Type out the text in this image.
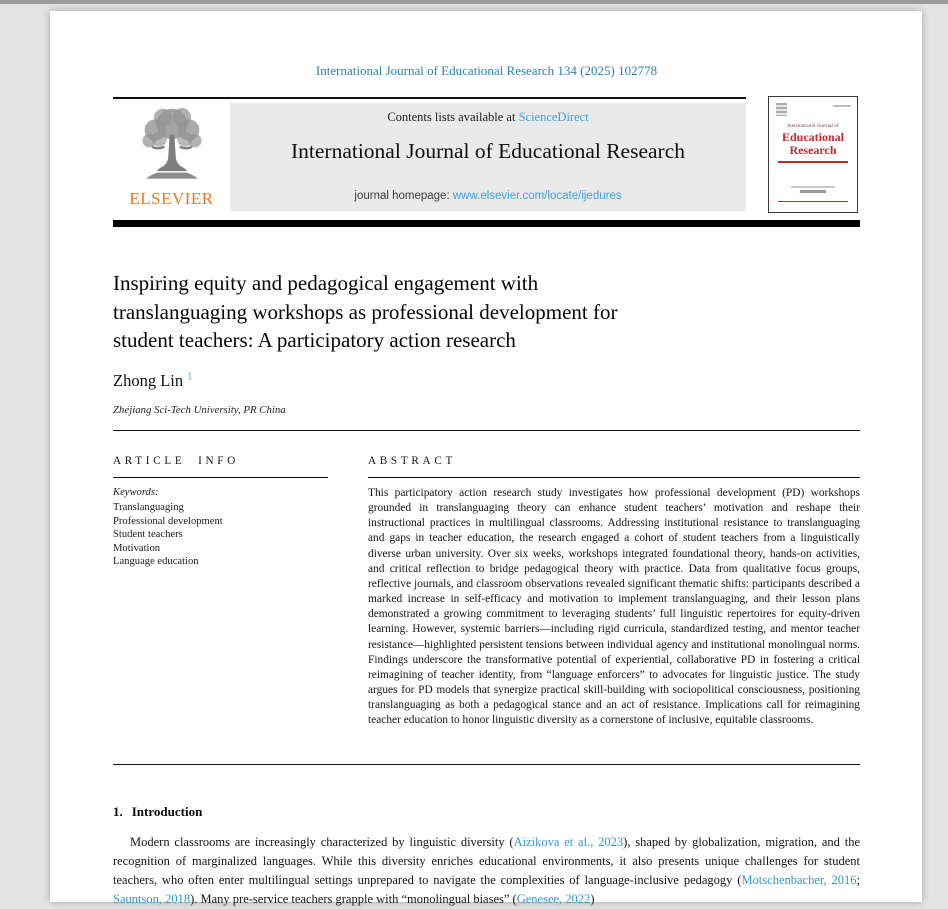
International Journal of Educational Research 134 (2025) 102778
ELSEVIER
Contents lists available at ScienceDirect
International Journal of Educational Research
journal homepage: www.elsevier.com/locate/ijedures
International Journal of
Educational
Research
Inspiring equity and pedagogical engagement with
translanguaging workshops as professional development for
student teachers: A participatory action research
Zhong Lin $^1$
Zhejiang Sci-Tech University, PR China
ARTICLE INFO
Keywords:
Translanguaging
Professional development
Student teachers
Motivation
Language education
ABSTRACT
This participatory action research study investigates how professional development (PD) workshops grounded in translanguaging theory can enhance student teachers’ motivation and reshape their instructional practices in multilingual classrooms. Addressing institutional resistance to translanguaging and gaps in teacher education, the research engaged a cohort of student teachers from a linguistically diverse urban university. Over six weeks, workshops integrated foundational theory, hands-on activities, and critical reflection to bridge pedagogical theory with practice. Data from qualitative focus groups, reflective journals, and classroom observations revealed significant thematic shifts: participants described a marked increase in self-efficacy and motivation to implement translanguaging, and their lesson plans demonstrated a growing commitment to leveraging students’ full linguistic repertoires for equity-driven learning. However, systemic barriers—including rigid curricula, standardized testing, and mentor teacher resistance—highlighted persistent tensions between individual agency and institutional monolingual norms. Findings underscore the transformative potential of experiential, collaborative PD in fostering a critical reimagining of teacher identity, from “language enforcers” to advocates for linguistic justice. The study argues for PD models that synergize practical skill-building with sociopolitical consciousness, positioning translanguaging as both a pedagogical stance and an act of resistance. Implications call for reimagining teacher education to honor linguistic diversity as a cornerstone of inclusive, equitable classrooms.
1. Introduction
Modern classrooms are increasingly characterized by linguistic diversity (Aizikova et al., 2023), shaped by globalization, migration, and the recognition of marginalized languages. While this diversity enriches educational environments, it also presents unique challenges for student teachers, who often enter multilingual settings unprepared to navigate the complexities of language-inclusive pedagogy (Motschenbacher, 2016; Sauntson, 2018). Many pre-service teachers grapple with “monolingual biases” (Genesee, 2022)
